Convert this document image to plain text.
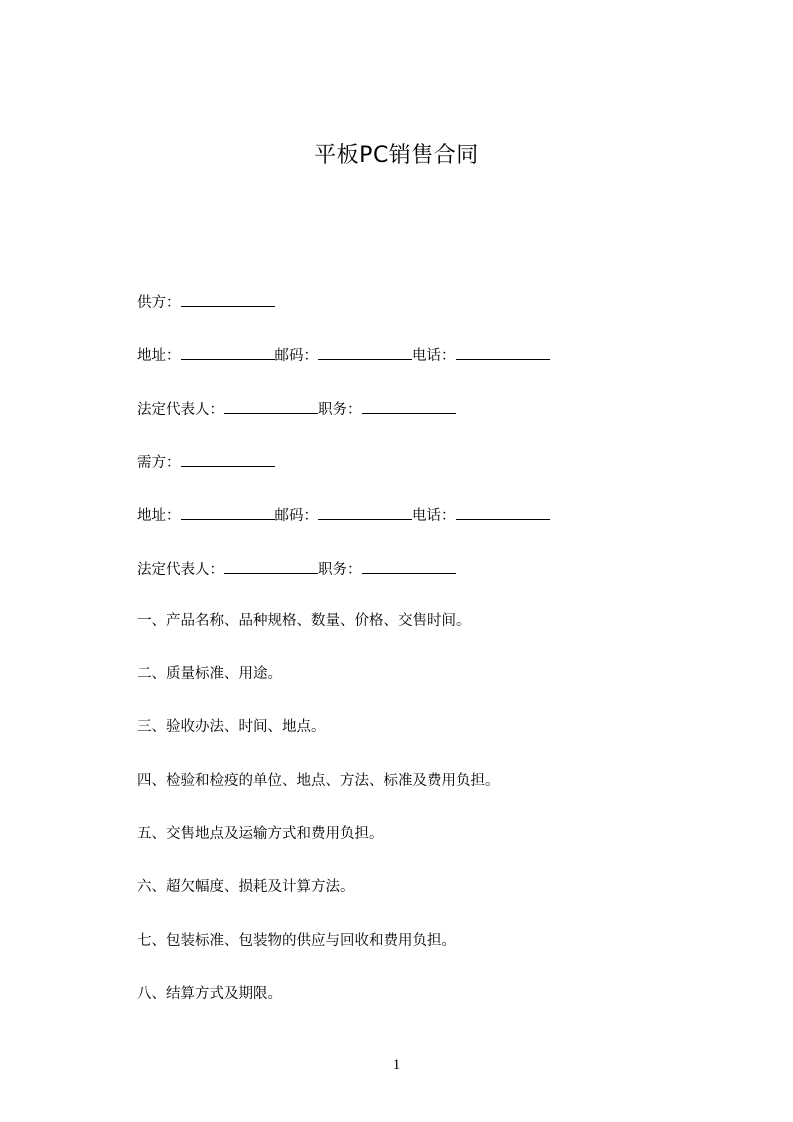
平板PC销售合同
供方：
地址：	邮码：	电话：
法定代表人：	职务：
需方：
地址：	邮码：	电话：
法定代表人：	职务：
一、产品名称、品种规格、数量、价格、交售时间。
二、质量标准、用途。
三、验收办法、时间、地点。
四、检验和检疫的单位、地点、方法、标准及费用负担。
五、交售地点及运输方式和费用负担。
六、超欠幅度、损耗及计算方法。
七、包装标准、包装物的供应与回收和费用负担。
八、结算方式及期限。
1
